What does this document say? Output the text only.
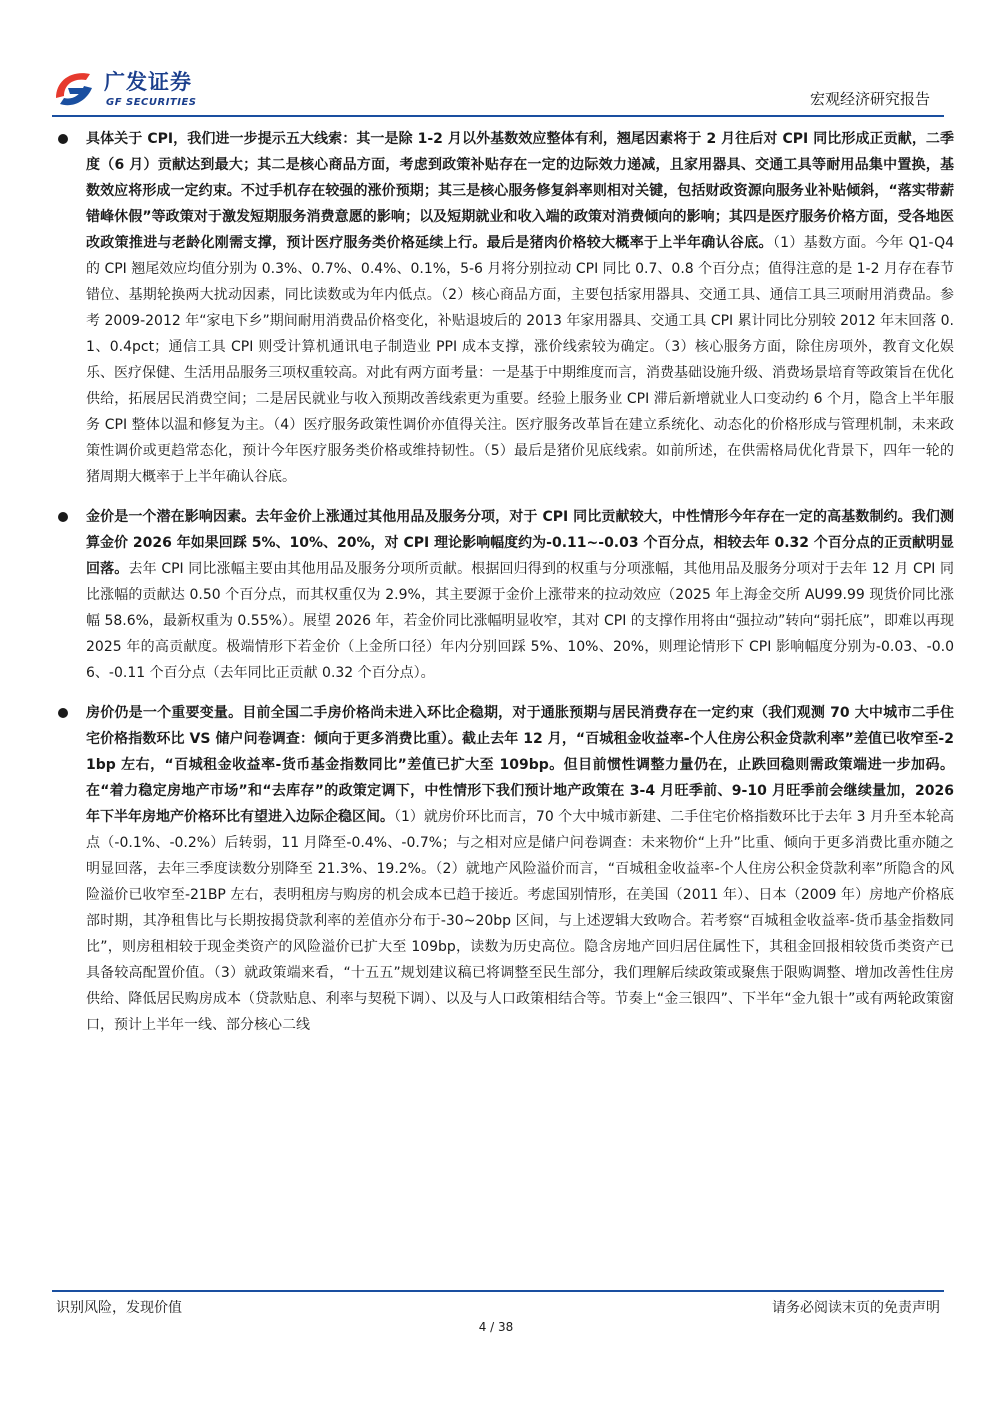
广发证券
GF SECURITIES	宏观经济研究报告
具体关于 CPI，我们进一步提示五大线索：其一是除 1-2 月以外基数效应整体有利，翘尾因素将于 2 月往后对 CPI 同比形成正贡献，二季度（6 月）贡献达到最大；其二是核心商品方面，考虑到政策补贴存在一定的边际效力递减，且家用器具、交通工具等耐用品集中置换，基数效应将形成一定约束。不过手机存在较强的涨价预期；其三是核心服务修复斜率则相对关键，包括财政资源向服务业补贴倾斜，“落实带薪错峰休假”等政策对于激发短期服务消费意愿的影响；以及短期就业和收入端的政策对消费倾向的影响；其四是医疗服务价格方面，受各地医改政策推进与老龄化刚需支撑，预计医疗服务类价格延续上行。最后是猪肉价格较大概率于上半年确认谷底。（1）基数方面。今年 Q1-Q4 的 CPI 翘尾效应均值分别为 0.3%、0.7%、0.4%、0.1%，5-6 月将分别拉动 CPI 同比 0.7、0.8 个百分点；值得注意的是 1-2 月存在春节错位、基期轮换两大扰动因素，同比读数或为年内低点。（2）核心商品方面，主要包括家用器具、交通工具、通信工具三项耐用消费品。参考 2009-2012 年“家电下乡”期间耐用消费品价格变化，补贴退坡后的 2013 年家用器具、交通工具 CPI 累计同比分别较 2012 年末回落 0.1、0.4pct；通信工具 CPI 则受计算机通讯电子制造业 PPI 成本支撑，涨价线索较为确定。（3）核心服务方面，除住房项外，教育文化娱乐、医疗保健、生活用品服务三项权重较高。对此有两方面考量：一是基于中期维度而言，消费基础设施升级、消费场景培育等政策旨在优化供给，拓展居民消费空间；二是居民就业与收入预期改善线索更为重要。经验上服务业 CPI 滞后新增就业人口变动约 6 个月，隐含上半年服务 CPI 整体以温和修复为主。（4）医疗服务政策性调价亦值得关注。医疗服务改革旨在建立系统化、动态化的价格形成与管理机制，未来政策性调价或更趋常态化，预计今年医疗服务类价格或维持韧性。（5）最后是猪价见底线索。如前所述，在供需格局优化背景下，四年一轮的猪周期大概率于上半年确认谷底。
金价是一个潜在影响因素。去年金价上涨通过其他用品及服务分项，对于 CPI 同比贡献较大，中性情形今年存在一定的高基数制约。我们测算金价 2026 年如果回踩 5%、10%、20%，对 CPI 理论影响幅度约为-0.11~-0.03 个百分点，相较去年 0.32 个百分点的正贡献明显回落。去年 CPI 同比涨幅主要由其他用品及服务分项所贡献。根据回归得到的权重与分项涨幅，其他用品及服务分项对于去年 12 月 CPI 同比涨幅的贡献达 0.50 个百分点，而其权重仅为 2.9%，其主要源于金价上涨带来的拉动效应（2025 年上海金交所 AU99.99 现货价同比涨幅 58.6%，最新权重为 0.55%）。展望 2026 年，若金价同比涨幅明显收窄，其对 CPI 的支撑作用将由“强拉动”转向“弱托底”，即难以再现 2025 年的高贡献度。极端情形下若金价（上金所口径）年内分别回踩 5%、10%、20%，则理论情形下 CPI 影响幅度分别为-0.03、-0.06、-0.11 个百分点（去年同比正贡献 0.32 个百分点）。
房价仍是一个重要变量。目前全国二手房价格尚未进入环比企稳期，对于通胀预期与居民消费存在一定约束（我们观测 70 大中城市二手住宅价格指数环比 VS 储户问卷调查：倾向于更多消费比重）。截止去年 12 月，“百城租金收益率-个人住房公积金贷款利率”差值已收窄至-21bp 左右，“百城租金收益率-货币基金指数同比”差值已扩大至 109bp。但目前惯性调整力量仍在，止跌回稳则需政策端进一步加码。在“着力稳定房地产市场”和“去库存”的政策定调下，中性情形下我们预计地产政策在 3-4 月旺季前、9-10 月旺季前会继续量加，2026 年下半年房地产价格环比有望进入边际企稳区间。（1）就房价环比而言，70 个大中城市新建、二手住宅价格指数环比于去年 3 月升至本轮高点（-0.1%、-0.2%）后转弱，11 月降至-0.4%、-0.7%；与之相对应是储户问卷调查：未来物价“上升”比重、倾向于更多消费比重亦随之明显回落，去年三季度读数分别降至 21.3%、19.2%。（2）就地产风险溢价而言，“百城租金收益率-个人住房公积金贷款利率”所隐含的风险溢价已收窄至-21BP 左右，表明租房与购房的机会成本已趋于接近。考虑国别情形，在美国（2011 年）、日本（2009 年）房地产价格底部时期，其净租售比与长期按揭贷款利率的差值亦分布于-30~20bp 区间，与上述逻辑大致吻合。若考察“百城租金收益率-货币基金指数同比”，则房租相较于现金类资产的风险溢价已扩大至 109bp，读数为历史高位。隐含房地产回归居住属性下，其租金回报相较货币类资产已具备较高配置价值。（3）就政策端来看，“十五五”规划建议稿已将调整至民生部分，我们理解后续政策或聚焦于限购调整、增加改善性住房供给、降低居民购房成本（贷款贴息、利率与契税下调）、以及与人口政策相结合等。节奏上“金三银四”、下半年“金九银十”或有两轮政策窗口，预计上半年一线、部分核心二线
识别风险，发现价值	请务必阅读末页的免责声明
4 / 38
